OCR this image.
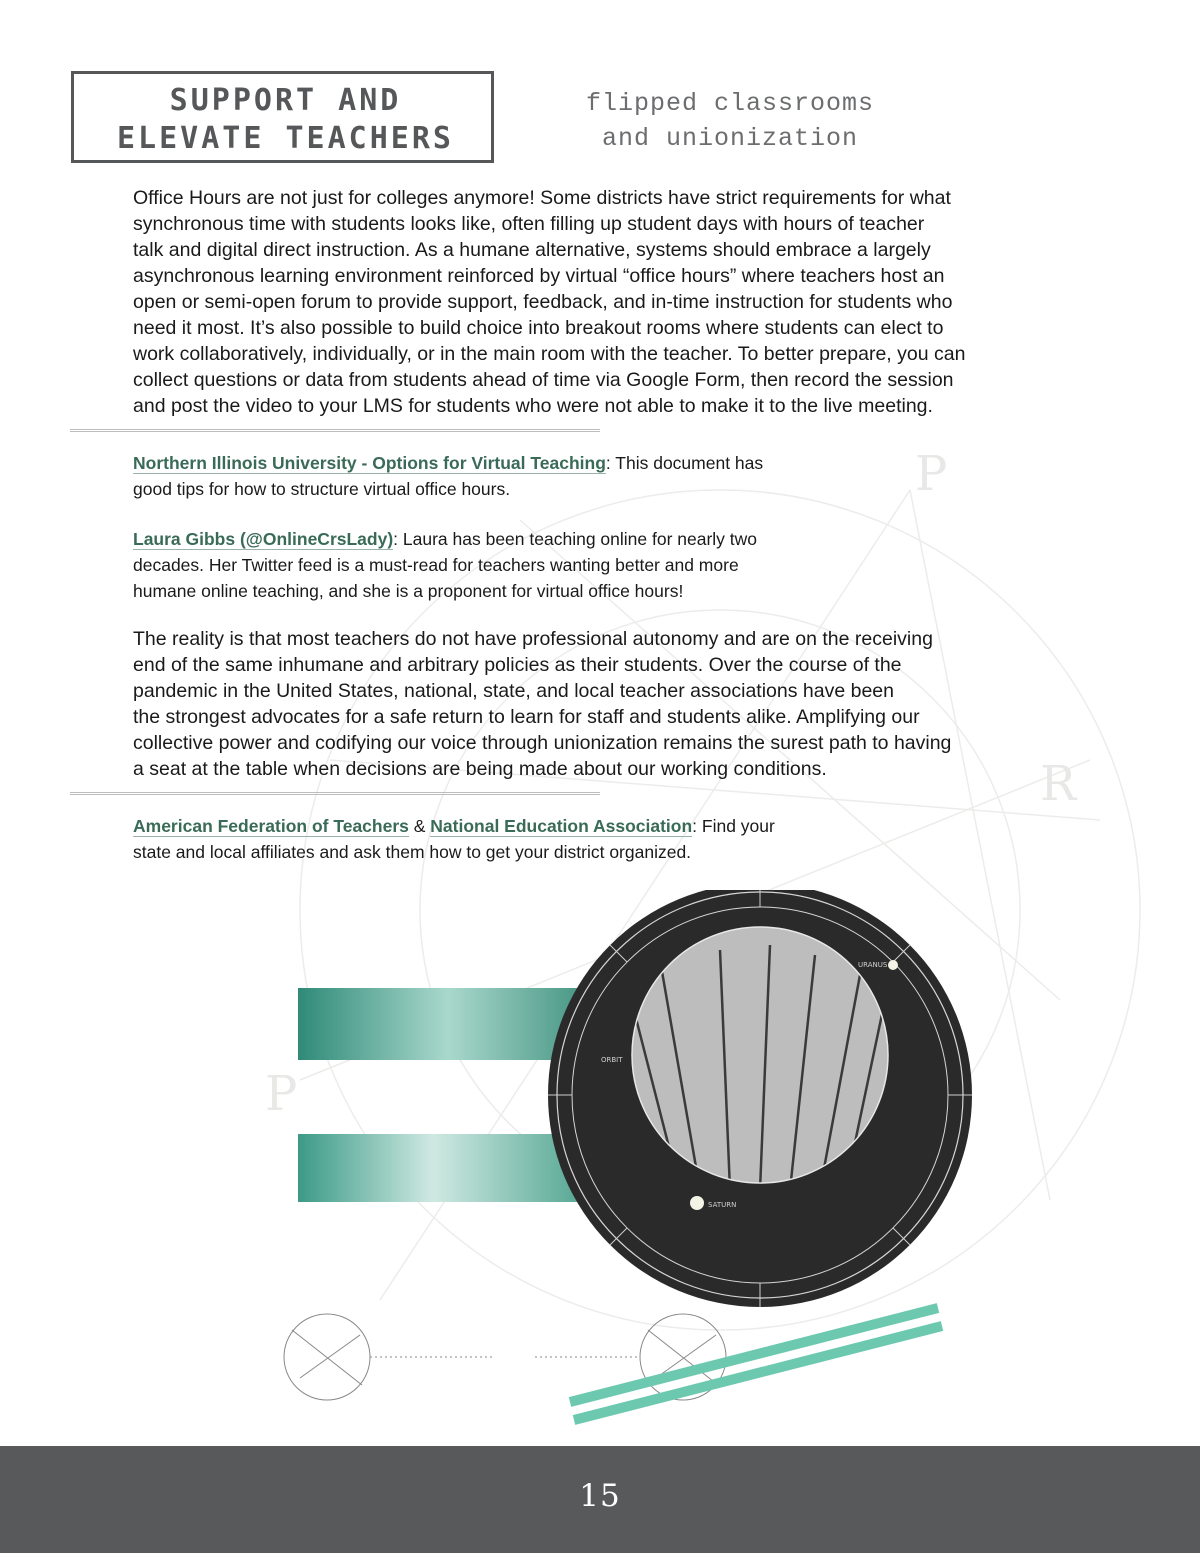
P
R
P
SUPPORT AND
ELEVATE TEACHERS
flipped classrooms
and unionization
Office Hours are not just for colleges anymore! Some districts have strict requirements for what
synchronous time with students looks like, often filling up student days with hours of teacher
talk and digital direct instruction. As a humane alternative, systems should embrace a largely
asynchronous learning environment reinforced by virtual “office hours” where teachers host an
open or semi-open forum to provide support, feedback, and in-time instruction for students who
need it most. It’s also possible to build choice into breakout rooms where students can elect to
work collaboratively, individually, or in the main room with the teacher. To better prepare, you can
collect questions or data from students ahead of time via Google Form, then record the session
and post the video to your LMS for students who were not able to make it to the live meeting.
Northern Illinois University - Options for Virtual Teaching: This document has
good tips for how to structure virtual office hours.
Laura Gibbs (@OnlineCrsLady): Laura has been teaching online for nearly two
decades. Her Twitter feed is a must-read for teachers wanting better and more
humane online teaching, and she is a proponent for virtual office hours!
The reality is that most teachers do not have professional autonomy and are on the receiving
end of the same inhumane and arbitrary policies as their students. Over the course of the
pandemic in the United States, national, state, and local teacher associations have been
the strongest advocates for a safe return to learn for staff and students alike. Amplifying our
collective power and codifying our voice through unionization remains the surest path to having
a seat at the table when decisions are being made about our working conditions.
American Federation of Teachers & National Education Association: Find your
state and local affiliates and ask them how to get your district organized.
ORBIT
URANUS
SATURN
15
